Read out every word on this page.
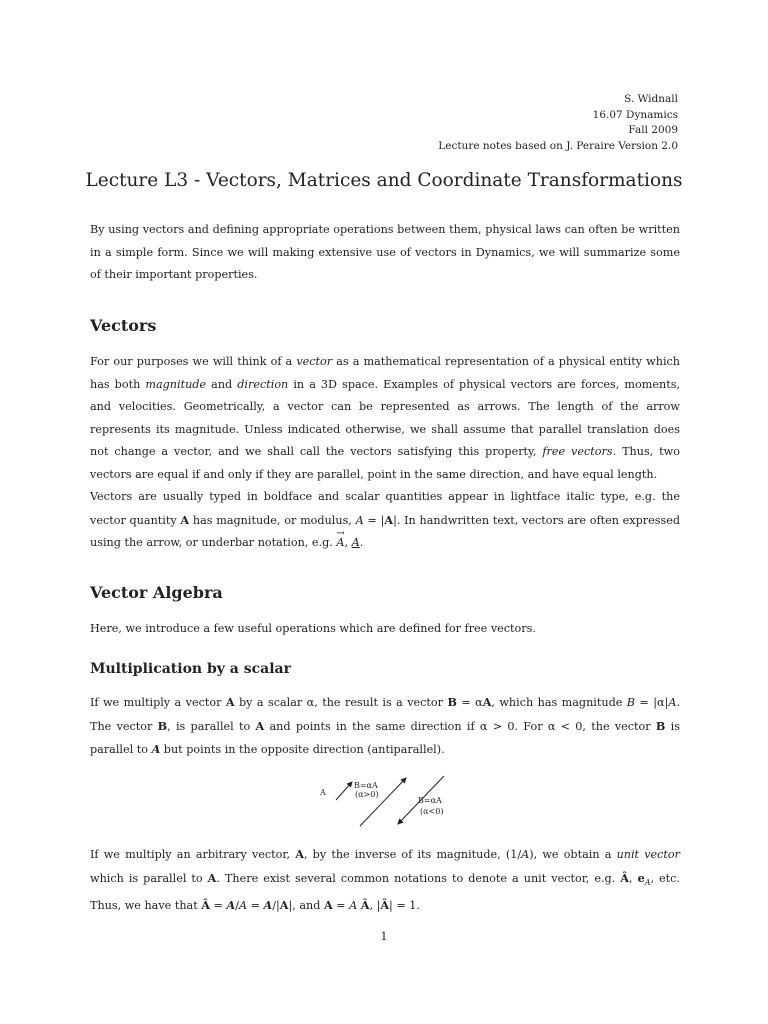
S. Widnall
16.07 Dynamics
Fall 2009
Lecture notes based on J. Peraire Version 2.0
Lecture L3 - Vectors, Matrices and Coordinate Transformations

By using vectors and defining appropriate operations between them, physical laws can often be written in a simple form. Since we will making extensive use of vectors in Dynamics, we will summarize some of their important properties.

Vectors

For our purposes we will think of a vector as a mathematical representation of a physical entity which has both magnitude and direction in a 3D space. Examples of physical vectors are forces, moments, and velocities. Geometrically, a vector can be represented as arrows. The length of the arrow represents its magnitude. Unless indicated otherwise, we shall assume that parallel translation does not change a vector, and we shall call the vectors satisfying this property, free vectors. Thus, two vectors are equal if and only if they are parallel, point in the same direction, and have equal length.

Vectors are usually typed in boldface and scalar quantities appear in lightface italic type, e.g. the vector quantity A has magnitude, or modulus, A = |A|. In handwritten text, vectors are often expressed using the arrow, or underbar notation, e.g. A
→
, A.

Vector Algebra

Here, we introduce a few useful operations which are defined for free vectors.

Multiplication by a scalar

If we multiply a vector A by a scalar α, the result is a vector B = αA, which has magnitude B = |α|A. The vector B, is parallel to A and points in the same direction if α > 0. For α < 0, the vector B is parallel to A but points in the opposite direction (antiparallel).

A
B=αA
(α>0)
B=αA
(α<0)

If we multiply an arbitrary vector, A, by the inverse of its magnitude, (1/A), we obtain a unit vector which is parallel to A. There exist several common notations to denote a unit vector, e.g. Â, $e_A$, etc. Thus, we have that Â = A/A = A/|A|, and A = A Â, |Â| = 1.

1
